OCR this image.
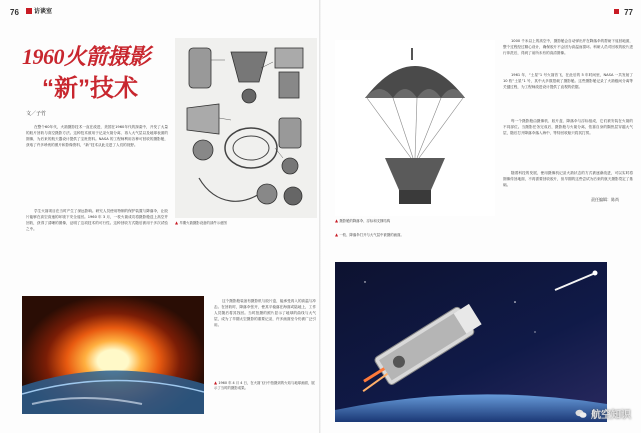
76	访谈室
1960火箭摄影
“新”技术
文／子竹

在整个60年代，火箭摄影技术一直在改进，美国在1960年代的探索中，开发了大量的胶片回收与高空摄影方法。这种技术被用于记录火箭分离、再入大气层以及地球表面的图像，为后来的航天器设计提供了宝贵资料。NASA 的工程师利用各种可回收的摄影舱，获取了许多珍贵的照片和影像资料，“新”技术从此走进了人们的视野。

学生火箭项目在当时产生了深远影响。研究人员使用特制的保护装置与降落伞，让胶片能够在高空高速的环境下安全返回。1960 年 3 月，一枚火箭成功将摄影舱送上高空并回收，获得了清晰的图像，证明了这项技术的可行性。这种回收方式随后被用于多次试验之中。

▲ 早期火箭摄影设备的部件示意图

这个摄影舱装备有摄影机与胶片盒，能承受再入的高温与冲击。在回收时，降落伞张开，使其平稳落在海面或陆地上，工作人员随后将其找回。当时拍摄的照片显示了地球的曲线与大气层，成为了早期太空摄影的重要记录，许多画面至今仍被广泛引用。

▲ 1960 年 4 月 4 日，在火箭飞行中拍摄到的火焰与地球画面，展示了当时的摄影成果。
77
▲ 摄影舱的降落伞、浮标和支撑结构

1000 千米以上的高空中，摄影舱会自动弹出并在降落伞的帮助下返回地面，整个过程经过精心设计，确保胶片不会因为高温而损坏。科研人员对回收的胶片进行冲洗后，得到了前所未有的高清图像。

1961 年，“土星”1 号火箭首飞，在此后的 5 年时间里，NASA 一共发射了 10 枚“土星”1 号，其中大多数搭载了摄影舱。这些摄影舱记录了火箭级间分离等关键过程，为工程师改进设计提供了直观的依据。

每一个摄影舱由摄像机、胶片盒、降落伞与浮标组成，它们被安装在火箭的不同部位。当摄影任务完成后，摄影舱与火箭分离，依靠自身的隔热层穿越大气层，随后打开降落伞落入海中，等待回收船只将其打捞。

随着科技的发展，使用摄像机记录火箭状态的方式被逐渐改进，可以实时将图像传回地面，不再需要回收胶片，但早期的这些尝试为后来的航天摄影奠定了基础。

责任编辑：陈尚
▲ 一枚、降落伞打开与大气层中被摄的画面。
航空知识
